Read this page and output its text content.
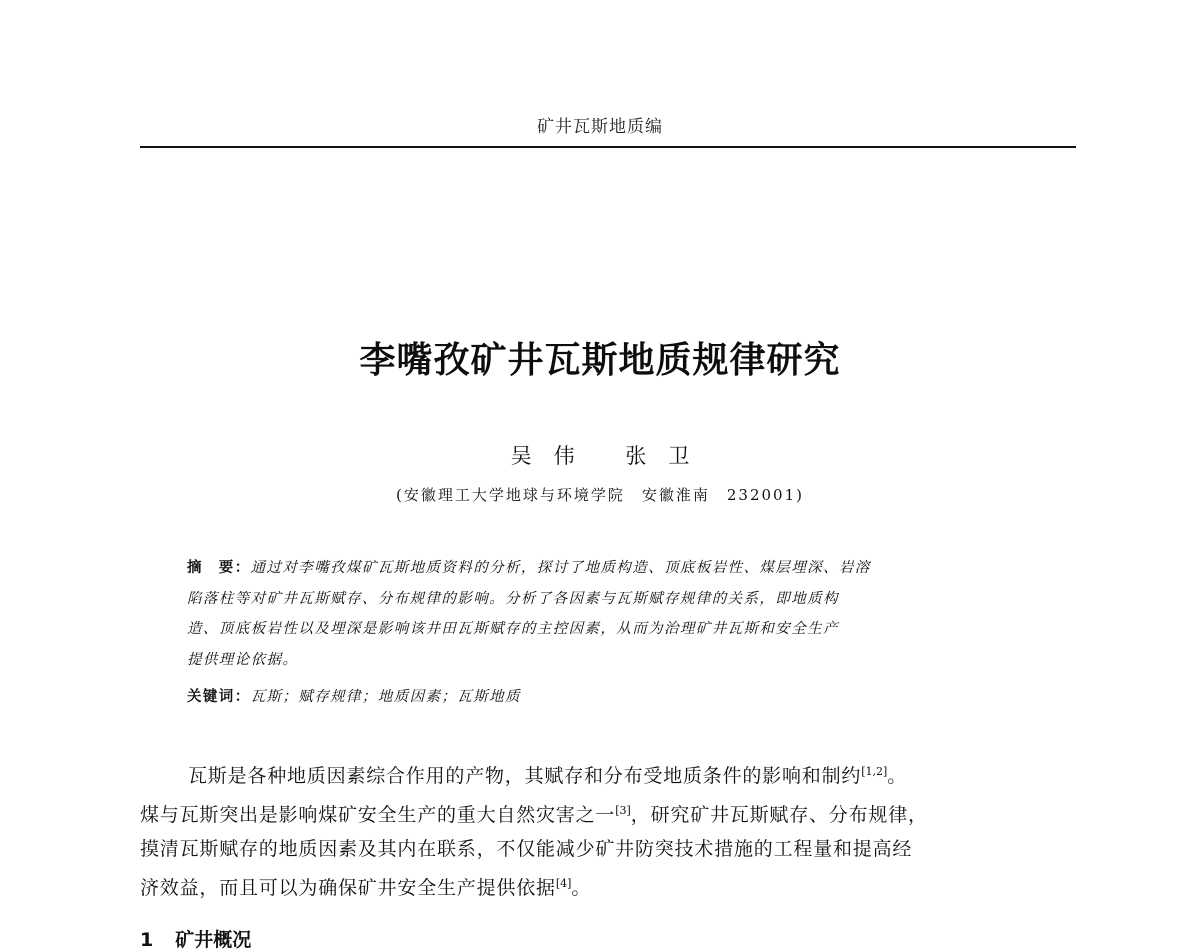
矿井瓦斯地质编
李嘴孜矿井瓦斯地质规律研究
吴伟 张卫
(安徽理工大学地球与环境学院　安徽淮南　232001)
摘　要：通过对李嘴孜煤矿瓦斯地质资料的分析，探讨了地质构造、顶底板岩性、煤层埋深、岩溶
陷落柱等对矿井瓦斯赋存、分布规律的影响。分析了各因素与瓦斯赋存规律的关系，即地质构
造、顶底板岩性以及埋深是影响该井田瓦斯赋存的主控因素，从而为治理矿井瓦斯和安全生产
提供理论依据。
关键词：瓦斯；赋存规律；地质因素；瓦斯地质
瓦斯是各种地质因素综合作用的产物，其赋存和分布受地质条件的影响和制约[1,2]。
煤与瓦斯突出是影响煤矿安全生产的重大自然灾害之一[3]，研究矿井瓦斯赋存、分布规律，
摸清瓦斯赋存的地质因素及其内在联系，不仅能减少矿井防突技术措施的工程量和提高经
济效益，而且可以为确保矿井安全生产提供依据[4]。
1 矿井概况
